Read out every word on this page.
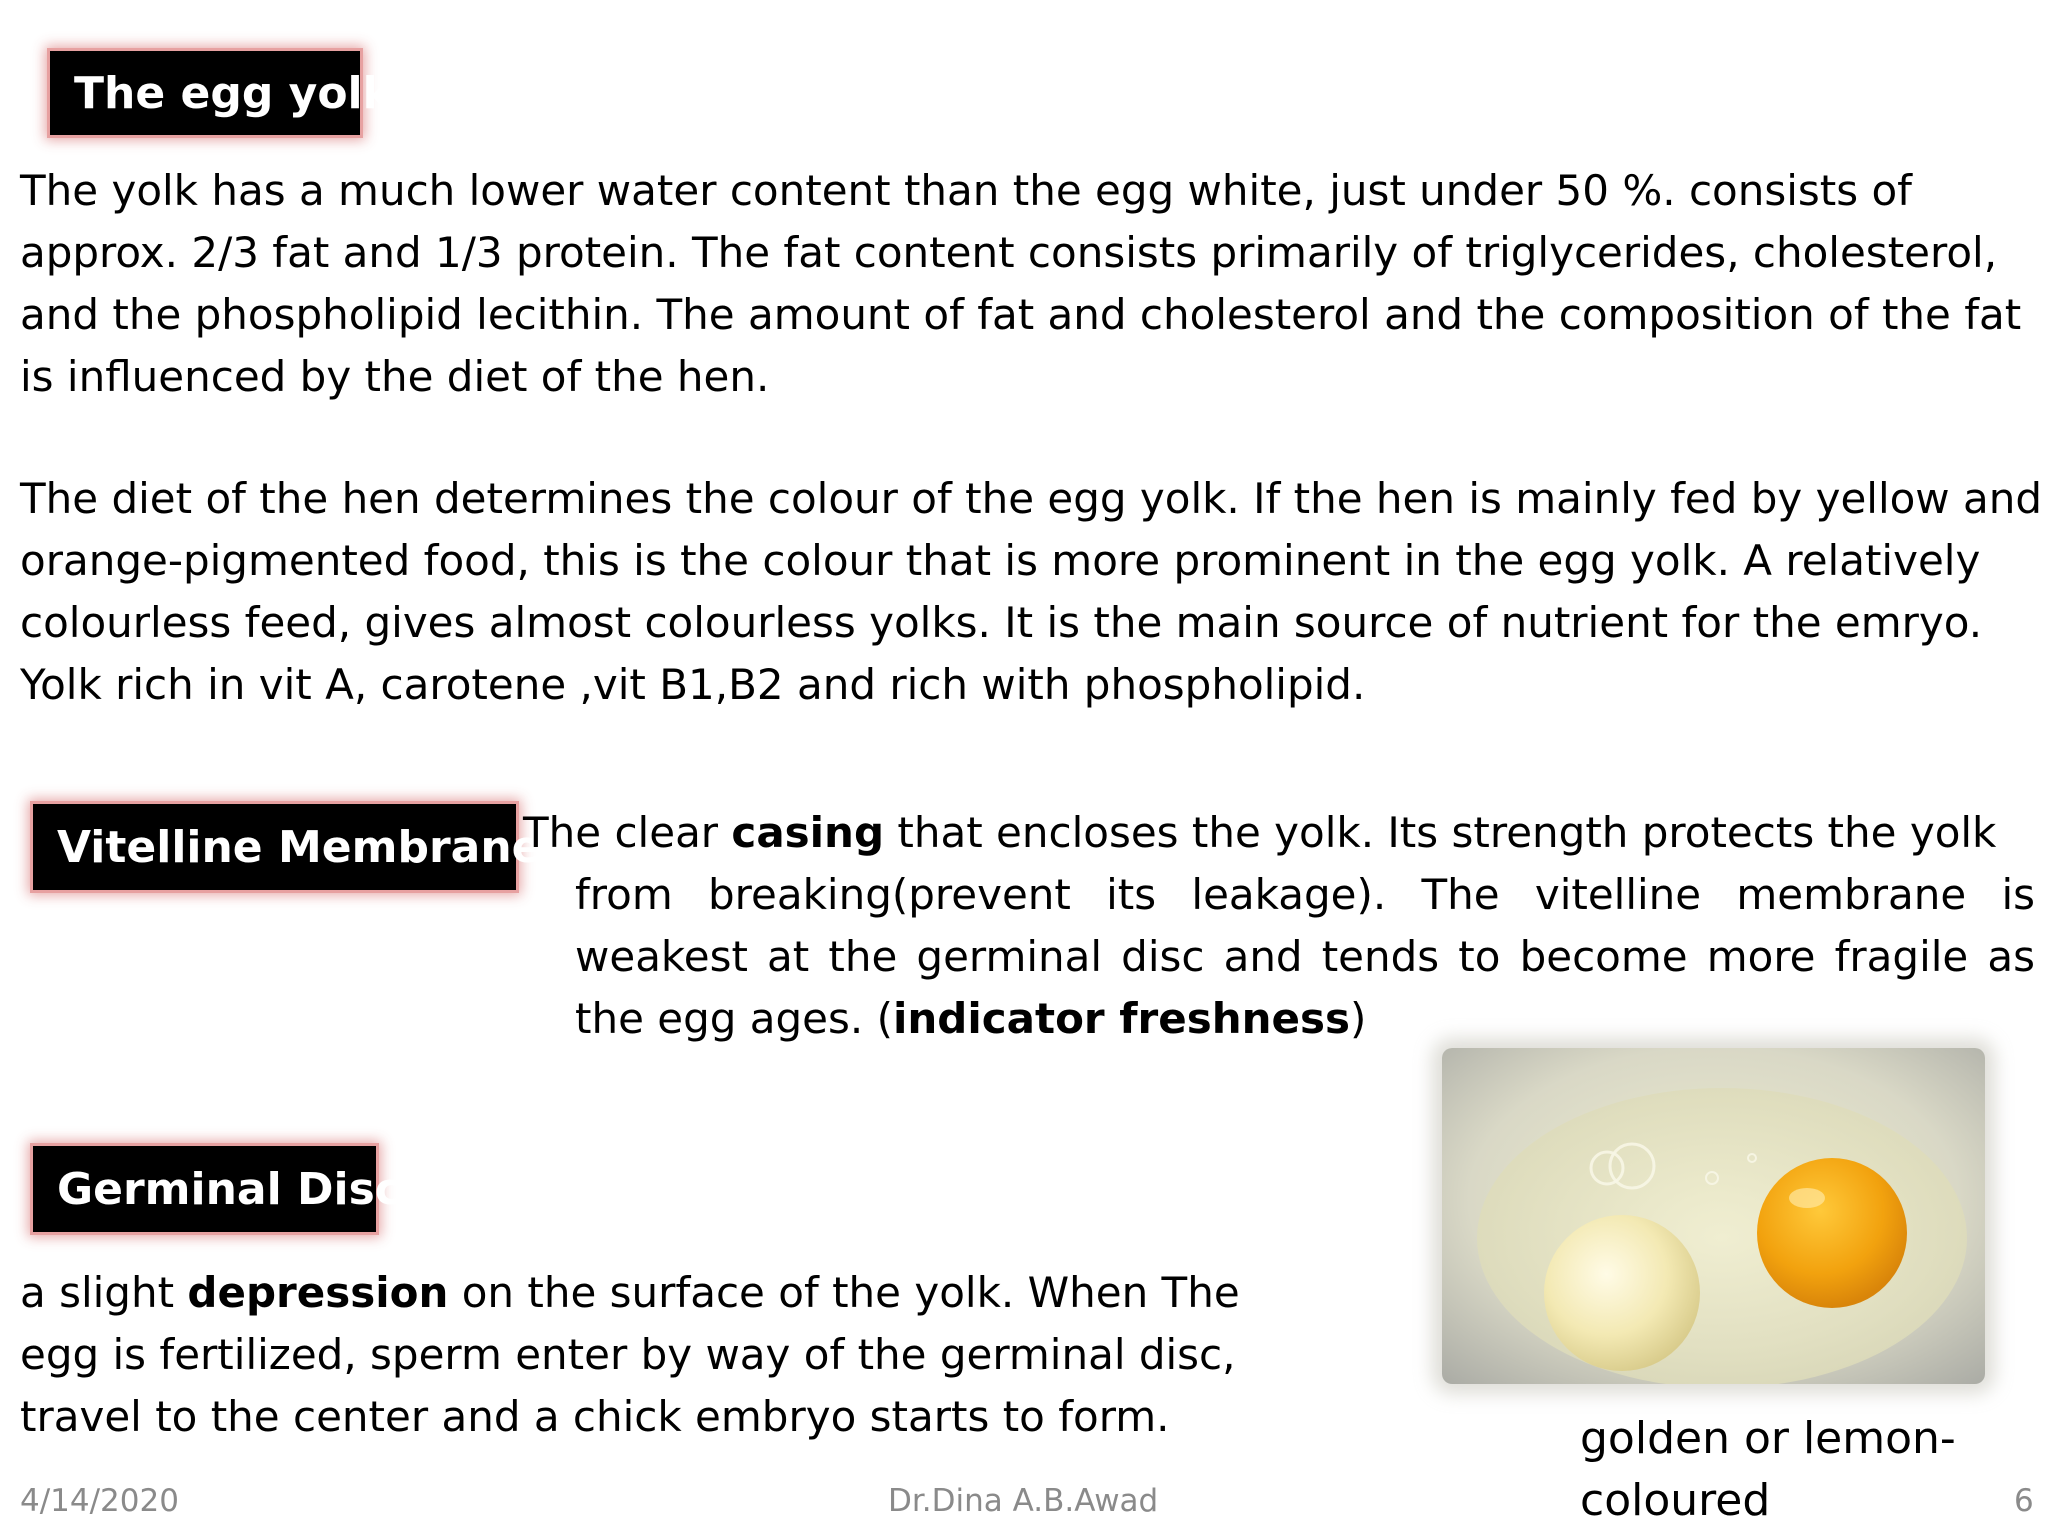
The egg yolk

The yolk has a much lower water content than the egg white, just under 50 %. consists of approx. 2/3 fat and 1/3 protein. The fat content consists primarily of triglycerides, cholesterol, and the phospholipid lecithin. The amount of fat and cholesterol and the composition of the fat is influenced by the diet of the hen.

The diet of the hen determines the colour of the egg yolk. If the hen is mainly fed by yellow and orange-pigmented food, this is the colour that is more prominent in the egg yolk. A relatively colourless feed, gives almost colourless yolks. It is the main source of nutrient for the emryo. Yolk rich in vit A, carotene ,vit B1,B2 and rich with phospholipid.

Vitelline Membrane

The clear casing that encloses the yolk. Its strength protects the yolk
from breaking(prevent its leakage). The vitelline membrane is weakest at the germinal disc and tends to become more fragile as the egg ages. (indicator freshness)

Germinal Disc

a slight depression on the surface of the yolk. When The egg is fertilized, sperm enter by way of the germinal disc, travel to the center and a chick embryo starts to form.	golden or lemon-coloured

4/14/2020	Dr.Dina A.B.Awad	6
